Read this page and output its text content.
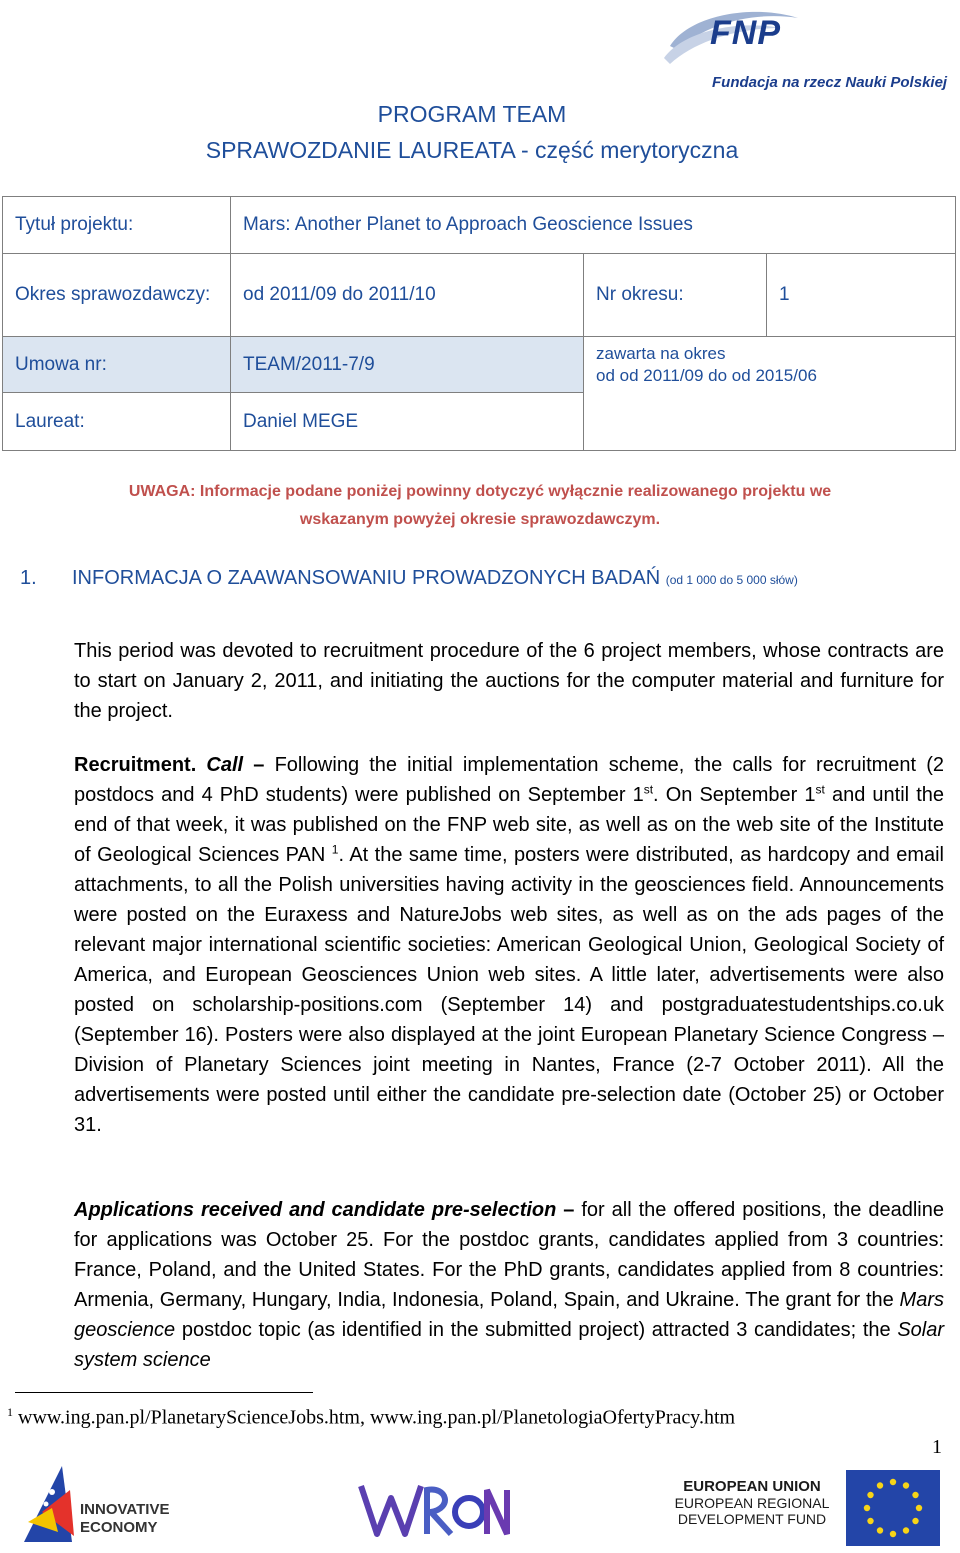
FNP
Fundacja na rzecz Nauki Polskiej
PROGRAM TEAM
SPRAWOZDANIE LAUREATA - część merytoryczna
Tytuł projektu:	Mars: Another Planet to Approach Geoscience Issues		
Okres sprawozdawczy:	od 2011/09 do 2011/10	Nr okresu:	1
Umowa nr:	TEAM/2011-7/9	zawarta na okres
od od 2011/09 do od 2015/06	

Laureat:	Daniel MEGE		
UWAGA: Informacje podane poniżej powinny dotyczyć wyłącznie realizowanego projektu we
wskazanym powyżej okresie sprawozdawczym.
1. INFORMACJA O ZAAWANSOWANIU PROWADZONYCH BADAŃ (od 1 000 do 5 000 słów)
This period was devoted to recruitment procedure of the 6 project members, whose contracts are to start on January 2, 2011, and initiating the auctions for the computer material and furniture for the project.
Recruitment. Call – Following the initial implementation scheme, the calls for recruitment (2 postdocs and 4 PhD students) were published on September 1st. On September 1st and until the end of that week, it was published on the FNP web site, as well as on the web site of the Institute of Geological Sciences PAN $^1$. At the same time, posters were distributed, as hardcopy and email attachments, to all the Polish universities having activity in the geosciences field. Announcements were posted on the Euraxess and NatureJobs web sites, as well as on the ads pages of the relevant major international scientific societies: American Geological Union, Geological Society of America, and European Geosciences Union web sites. A little later, advertisements were also posted on scholarship-positions.com (September 14) and postgraduatestudentships.co.uk (September 16). Posters were also displayed at the joint European Planetary Science Congress – Division of Planetary Sciences joint meeting in Nantes, France (2-7 October 2011). All the advertisements were posted until either the candidate pre-selection date (October 25) or October 31.
Applications received and candidate pre-selection – for all the offered positions, the deadline for applications was October 25. For the postdoc grants, candidates applied from 3 countries: France, Poland, and the United States. For the PhD grants, candidates applied from 8 countries: Armenia, Germany, Hungary, India, Indonesia, Poland, Spain, and Ukraine. The grant for the Mars geoscience postdoc topic (as identified in the submitted project) attracted 3 candidates; the Solar system science
$^1$ www.ing.pan.pl/PlanetaryScienceJobs.htm, www.ing.pan.pl/PlanetologiaOfertyPracy.htm
1
INNOVATIVE
ECONOMY
WRONA
EUROPEAN UNION
EUROPEAN REGIONAL
DEVELOPMENT FUND
